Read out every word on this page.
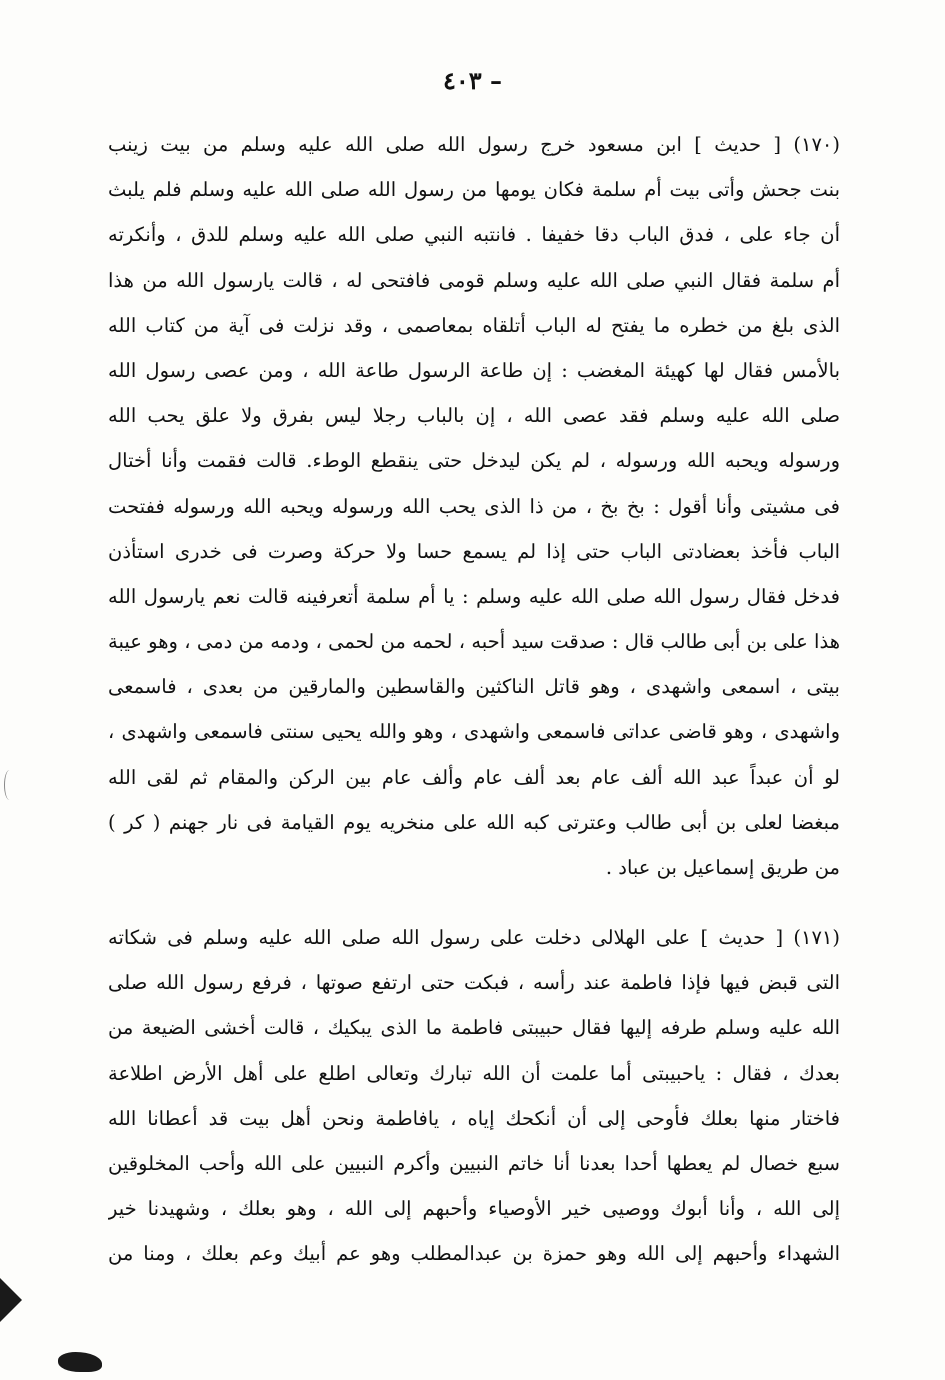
– ٤٠٣
(١٧٠) [ حديث ] ابن مسعود خرج رسول الله صلى الله عليه وسلم من بيت زينب
بنت جحش وأتى بيت أم سلمة فكان يومها من رسول الله صلى الله عليه وسلم فلم يلبث
أن جاء على ، فدق الباب دقا خفيفا . فانتبه النبي صلى الله عليه وسلم للدق ، وأنكرته
أم سلمة فقال النبي صلى الله عليه وسلم قومى فافتحى له ، قالت يارسول الله من هذا
الذى بلغ من خطره ما يفتح له الباب أتلقاه بمعاصمى ، وقد نزلت فى آية من كتاب الله
بالأمس فقال لها كهيئة المغضب : إن طاعة الرسول طاعة الله ، ومن عصى رسول الله
صلى الله عليه وسلم فقد عصى الله ، إن بالباب رجلا ليس بفرق ولا علق يحب الله
ورسوله ويحبه الله ورسوله ، لم يكن ليدخل حتى ينقطع الوطء. قالت فقمت وأنا أختال
فى مشيتى وأنا أقول : بخ بخ ، من ذا الذى يحب الله ورسوله ويحبه الله ورسوله ففتحت
الباب فأخذ بعضادتى الباب حتى إذا لم يسمع حسا ولا حركة وصرت فى خدرى استأذن
فدخل فقال رسول الله صلى الله عليه وسلم : يا أم سلمة أتعرفينه قالت نعم يارسول الله
هذا على بن أبى طالب قال : صدقت سيد أحبه ، لحمه من لحمى ، ودمه من دمى ، وهو عيبة
بيتى ، اسمعى واشهدى ، وهو قاتل الناكثين والقاسطين والمارقين من بعدى ، فاسمعى
واشهدى ، وهو قاضى عداتى فاسمعى واشهدى ، وهو والله يحيى سنتى فاسمعى واشهدى ،
لو أن عبداً عبد الله ألف عام بعد ألف عام وألف عام بين الركن والمقام ثم لقى الله
مبغضا لعلى بن أبى طالب وعترتى كبه الله على منخريه يوم القيامة فى نار جهنم ( كر )
من طريق إسماعيل بن عباد .
(١٧١) [ حديث ] على الهلالى دخلت على رسول الله صلى الله عليه وسلم فى شكاته
التى قبض فيها فإذا فاطمة عند رأسه ، فبكت حتى ارتفع صوتها ، فرفع رسول الله صلى
الله عليه وسلم طرفه إليها فقال حبيبتى فاطمة ما الذى يبكيك ، قالت أخشى الضيعة من
بعدك ، فقال : ياحبيبتى أما علمت أن الله تبارك وتعالى اطلع على أهل الأرض اطلاعة
فاختار منها بعلك فأوحى إلى أن أنكحك إياه ، يافاطمة ونحن أهل بيت قد أعطانا الله
سبع خصال لم يعطها أحدا بعدنا أنا خاتم النبيين وأكرم النبيين على الله وأحب المخلوقين
إلى الله ، وأنا أبوك ووصيى خير الأوصياء وأحبهم إلى الله ، وهو بعلك ، وشهيدنا خير
الشهداء وأحبهم إلى الله وهو حمزة بن عبدالمطلب وهو عم أبيك وعم بعلك ، ومنا من
